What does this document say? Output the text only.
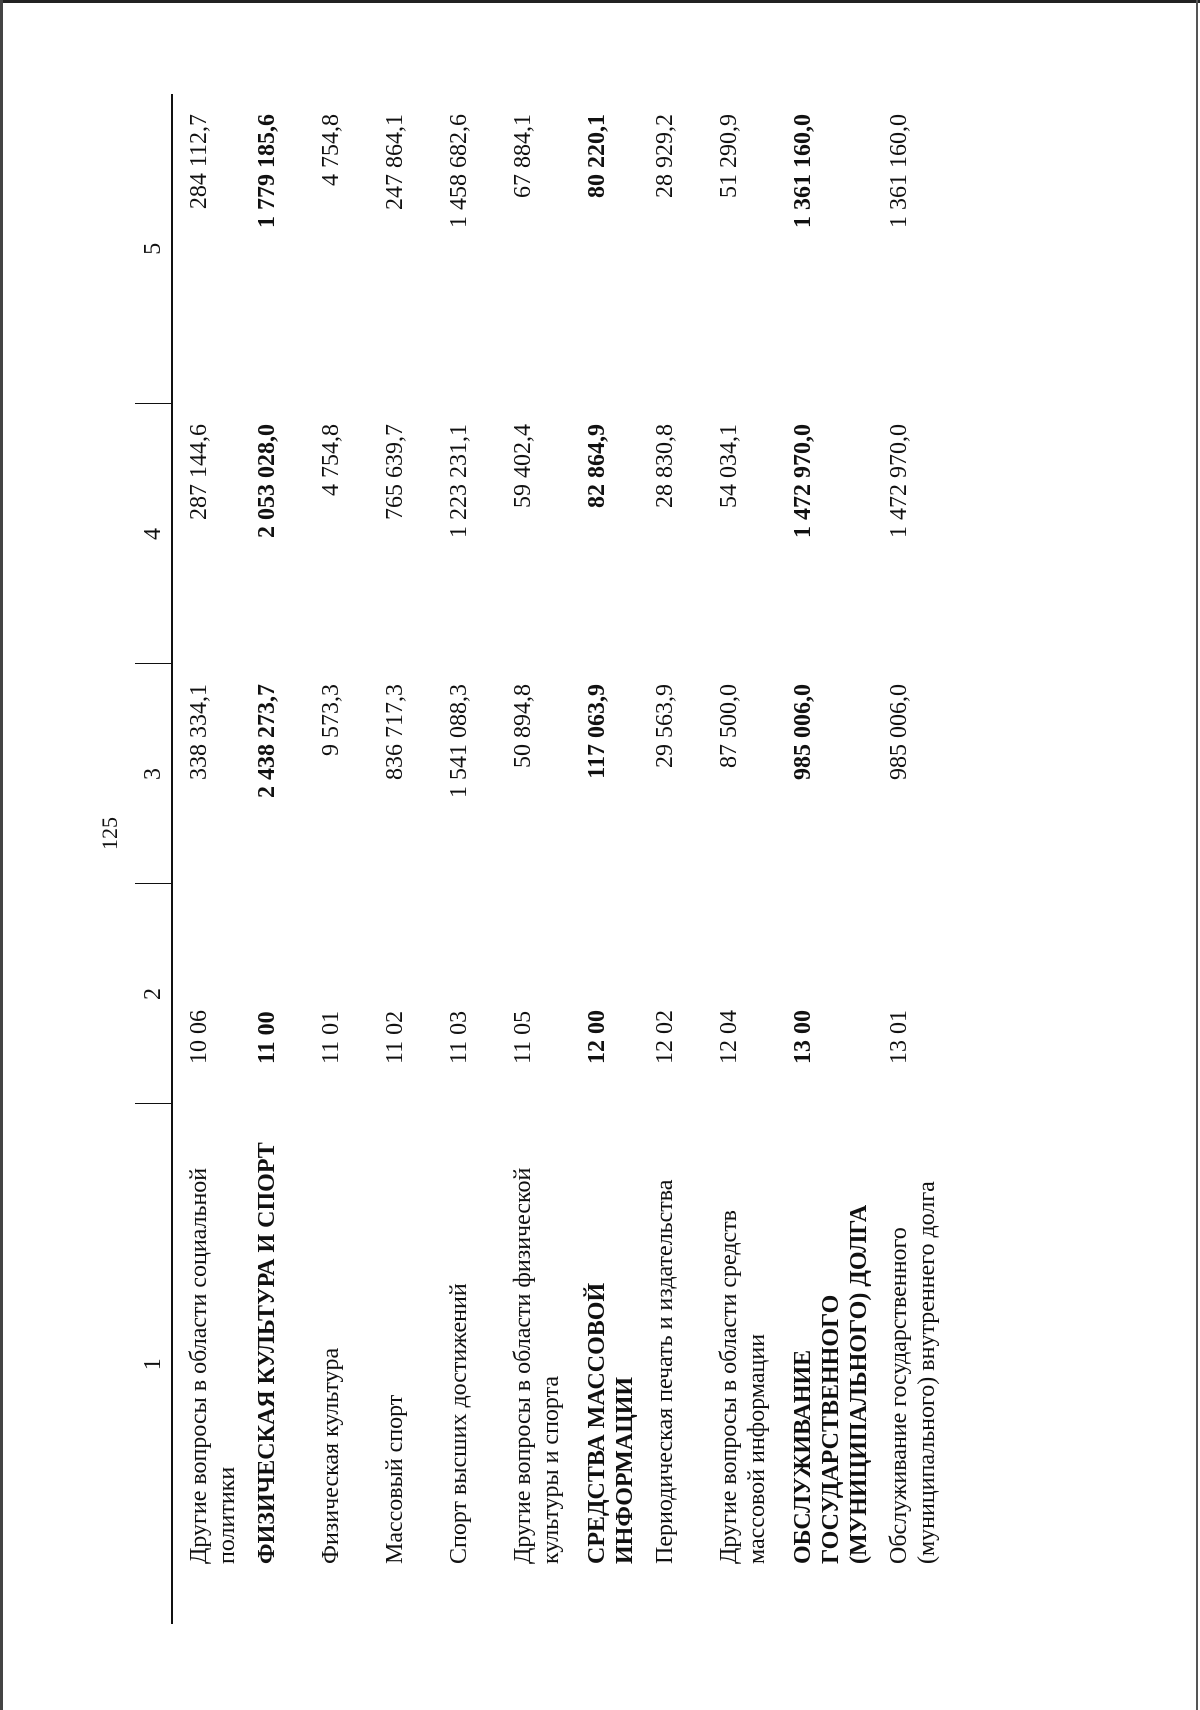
125
1	2	3	4	5
Другие вопросы в области социальной политики	10 06	338 334,1	287 144,6	284 112,7
ФИЗИЧЕСКАЯ КУЛЬТУРА И СПОРТ	11 00	2 438 273,7	2 053 028,0	1 779 185,6
Физическая культура	11 01	9 573,3	4 754,8	4 754,8
Массовый спорт	11 02	836 717,3	765 639,7	247 864,1
Спорт высших достижений	11 03	1 541 088,3	1 223 231,1	1 458 682,6
Другие вопросы в области физической культуры и спорта	11 05	50 894,8	59 402,4	67 884,1
СРЕДСТВА МАССОВОЙ ИНФОРМАЦИИ	12 00	117 063,9	82 864,9	80 220,1
Периодическая печать и издательства	12 02	29 563,9	28 830,8	28 929,2
Другие вопросы в области средств массовой информации	12 04	87 500,0	54 034,1	51 290,9
ОБСЛУЖИВАНИЕ ГОСУДАРСТВЕННОГО (МУНИЦИПАЛЬНОГО) ДОЛГА	13 00	985 006,0	1 472 970,0	1 361 160,0
Обслуживание государственного (муниципального) внутреннего долга	13 01	985 006,0	1 472 970,0	1 361 160,0
